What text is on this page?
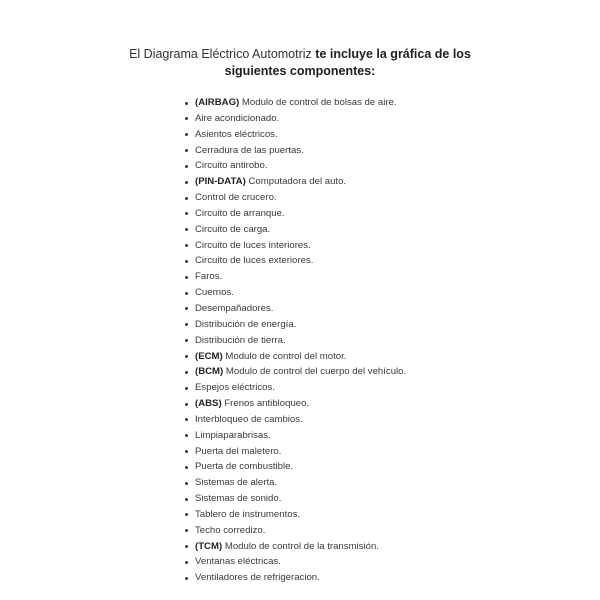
El Diagrama Eléctrico Automotriz te incluye la gráfica de los siguientes componentes:
(AIRBAG) Modulo de control de bolsas de aire.
Aire acondicionado.
Asientos eléctricos.
Cerradura de las puertas.
Circuito antirobo.
(PIN-DATA) Computadora del auto.
Control de crucero.
Circuito de arranque.
Circuito de carga.
Circuito de luces interiores.
Circuito de luces exteriores.
Faros.
Cuernos.
Desempañadores.
Distribución de energía.
Distribución de tierra.
(ECM) Modulo de control del motor.
(BCM) Modulo de control del cuerpo del vehículo.
Espejos eléctricos.
(ABS) Frenos antibloqueo.
Interbloqueo de cambios.
Limpiaparabrisas.
Puerta del maletero.
Puerta de combustible.
Sistemas de alerta.
Sistemas de sonido.
Tablero de instrumentos.
Techo corredizo.
(TCM) Modulo de control de la transmisión.
Ventanas eléctricas.
Ventiladores de refrigeracion.
